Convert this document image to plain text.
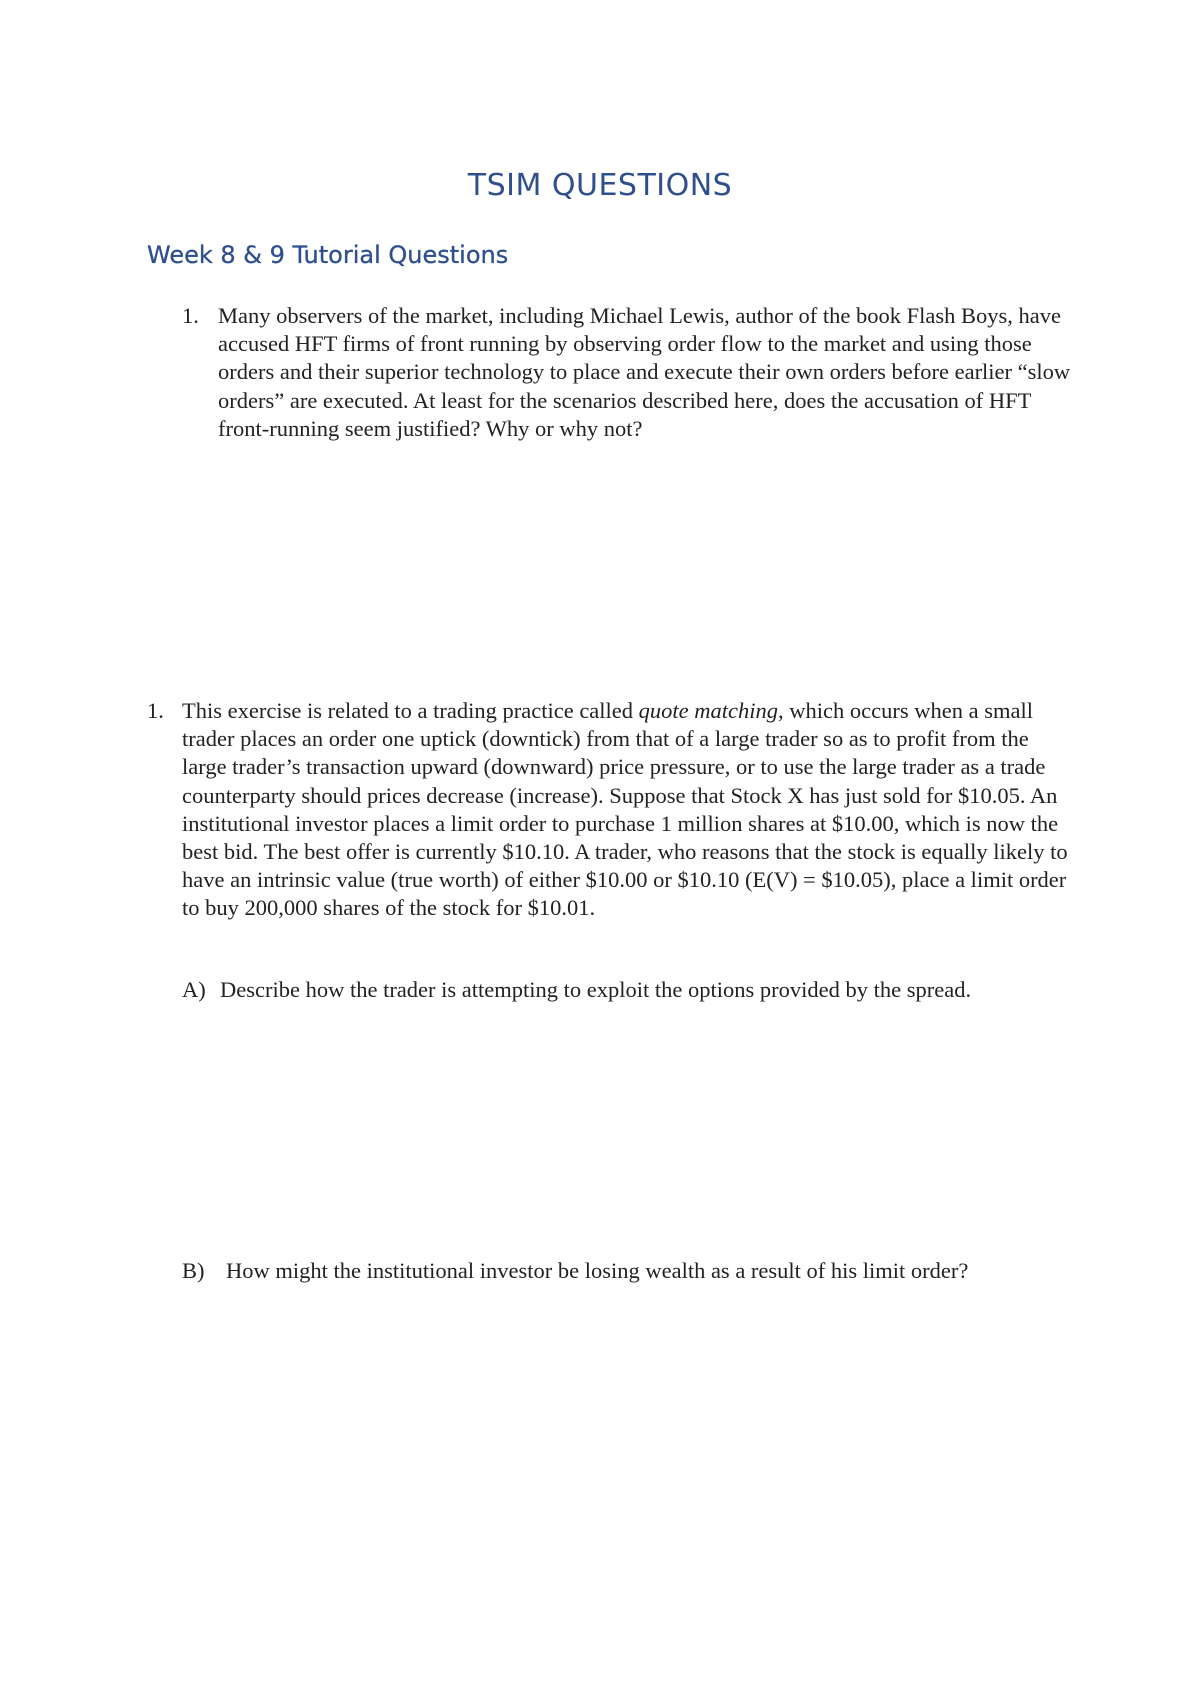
TSIM QUESTIONS
Week 8 & 9 Tutorial Questions
1. Many observers of the market, including Michael Lewis, author of the book Flash Boys, have accused HFT firms of front running by observing order flow to the market and using those orders and their superior technology to place and execute their own orders before earlier “slow orders” are executed. At least for the scenarios described here, does the accusation of HFT front-running seem justified? Why or why not?

1. This exercise is related to a trading practice called quote matching, which occurs when a small trader places an order one uptick (downtick) from that of a large trader so as to profit from the large trader’s transaction upward (downward) price pressure, or to use the large trader as a trade counterparty should prices decrease (increase). Suppose that Stock X has just sold for $10.05. An institutional investor places a limit order to purchase 1 million shares at $10.00, which is now the best bid. The best offer is currently $10.10. A trader, who reasons that the stock is equally likely to have an intrinsic value (true worth) of either $10.00 or $10.10 (E(V) = $10.05), place a limit order to buy 200,000 shares of the stock for $10.01.

A) Describe how the trader is attempting to exploit the options provided by the spread.
B) How might the institutional investor be losing wealth as a result of his limit order?
